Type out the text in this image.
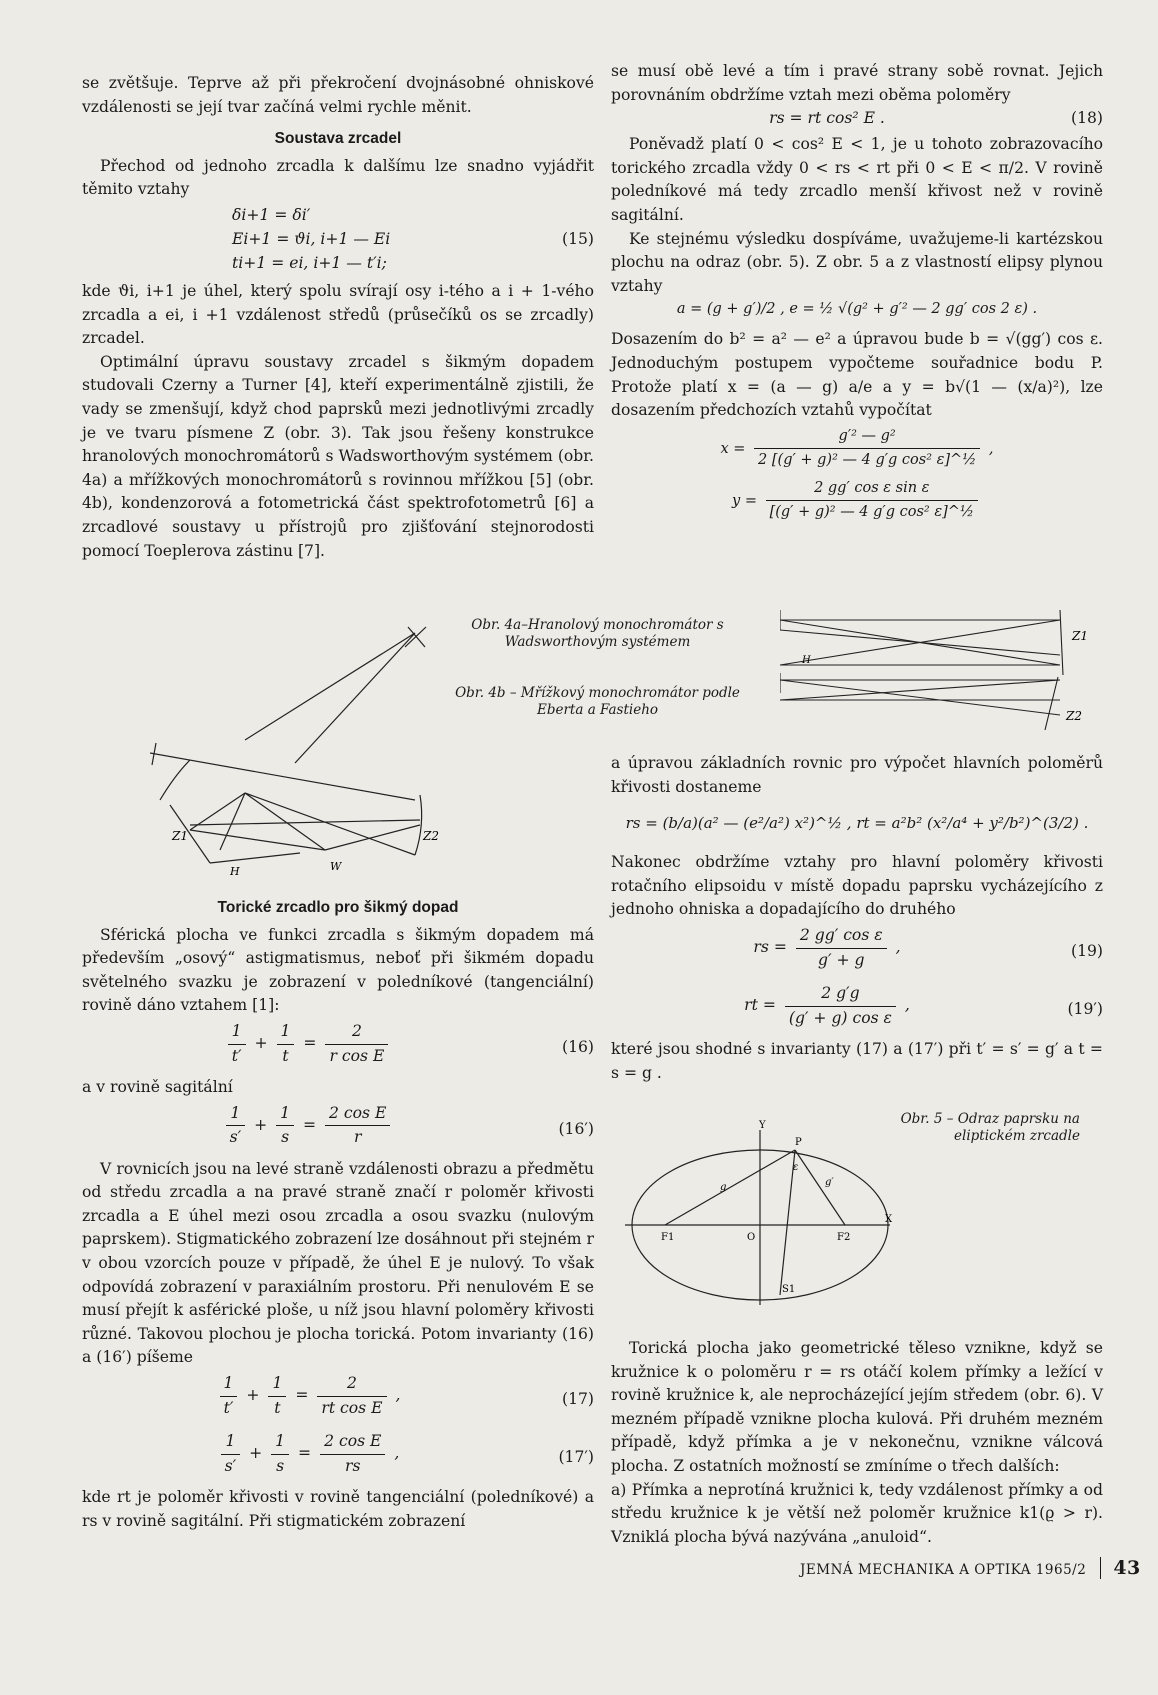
se zvětšuje. Teprve až při překročení dvojnásobné ohniskové vzdálenosti se její tvar začíná velmi rychle měnit.

Soustava zrcadel

Přechod od jednoho zrcadla k dalšímu lze snadno vyjádřit těmito vztahy

δi+1 = δi′
Ei+1 = ϑi, i+1 — Ei
ti+1 = ei, i+1 — t′i;
(15)

kde ϑi, i+1 je úhel, který spolu svírají osy i-tého a i + 1-vého zrcadla a ei, i +1 vzdálenost středů (průsečíků os se zrcadly) zrcadel.

Optimální úpravu soustavy zrcadel s šikmým dopadem studovali Czerny a Turner [4], kteří experimentálně zjistili, že vady se zmenšují, když chod paprsků mezi jednotlivými zrcadly je ve tvaru písmene Z (obr. 3). Tak jsou řešeny konstrukce hranolových monochromátorů s Wadsworthovým systémem (obr. 4a) a mřížkových monochromátorů s rovinnou mřížkou [5] (obr. 4b), kondenzorová a fotometrická část spektrofotometrů [6] a zrcadlové soustavy u přístrojů pro zjišťování stejnorodosti pomocí Toeplerova zástinu [7].

Torické zrcadlo pro šikmý dopad

Sférická plocha ve funkci zrcadla s šikmým dopadem má především „osový“ astigmatismus, neboť při šikmém dopadu světelného svazku je zobrazení v poledníkové (tangenciální) rovině dáno vztahem [1]:

$\frac{1}{t'} + \frac{1}{t} = \frac{2}{\text{r cos E}}$	(16)

a v rovině sagitální

$\frac{1}{s'} + \frac{1}{s} = \frac{\text{2 cos E}}{r}$	(16′)

V rovnicích jsou na levé straně vzdálenosti obrazu a předmětu od středu zrcadla a na pravé straně značí r poloměr křivosti zrcadla a E úhel mezi osou zrcadla a osou svazku (nulovým paprskem). Stigmatického zobrazení lze dosáhnout při stejném r v obou vzorcích pouze v případě, že úhel E je nulový. To však odpovídá zobrazení v paraxiálním prostoru. Při nenulovém E se musí přejít k asférické ploše, u níž jsou hlavní poloměry křivosti různé. Takovou plochou je plocha torická. Potom invarianty (16) a (16′) píšeme

$\frac{1}{t'} + \frac{1}{t} = \frac{2}{\text{rt cos E}}$ ,	(17)
$\frac{1}{s'} + \frac{1}{s} = \frac{\text{2 cos E}}{rs}$ ,	(17′)

kde rt je poloměr křivosti v rovině tangenciální (poledníkové) a rs v rovině sagitální. Při stigmatickém zobrazení

se musí obě levé a tím i pravé strany sobě rovnat. Jejich porovnáním obdržíme vztah mezi oběma poloměry

rs = rt cos² E .	(18)

Poněvadž platí 0 < cos² E < 1, je u tohoto zobrazovacího torického zrcadla vždy 0 < rs < rt při 0 < E < π/2. V rovině poledníkové má tedy zrcadlo menší křivost než v rovině sagitální.

Ke stejnému výsledku dospíváme, uvažujeme-li kartézskou plochu na odraz (obr. 5). Z obr. 5 a z vlastností elipsy plynou vztahy

a = (g + g′)/2 , e = ½ √(g² + g′² — 2 gg′ cos 2 ε) .

Dosazením do b² = a² — e² a úpravou bude b = √(gg′) cos ε. Jednoduchým postupem vypočteme souřadnice bodu P. Protože platí x = (a — g) a/e a y = b√(1 — (x/a)²), lze dosazením předchozích vztahů vypočítat

$x = \frac{\text{g′² — g²}}{\text{2 [(g′ + g)² — 4 g′g cos² ε]\textasciicircum{}½}}$ ,
$y = \frac{\text{2 gg′ cos ε sin ε}}{\text{[(g′ + g)² — 4 g′g cos² ε]\textasciicircum{}½}}$
Z1	Z2
H	W
Obr. 4a–Hranolový monochromátor s Wadsworthovým systémem
Obr. 4b – Mřížkový monochromátor podle Eberta a Fastieho
Z1
H
Z2

a úpravou základních rovnic pro výpočet hlavních poloměrů křivosti dostaneme

rs = (b/a)(a² — (e²/a²) x²)^½ , rt = a²b² (x²/a⁴ + y²/b²)^(3/2) .

Nakonec obdržíme vztahy pro hlavní poloměry křivosti rotačního elipsoidu v místě dopadu paprsku vycházejícího z jednoho ohniska a dopadajícího do druhého

rs = $\frac{\text{2 gg′ cos ε}}{g' + g}$ ,	(19)
rt = $\frac{2 g'g}{\text{(g′ + g) cos ε}}$ ,	(19′)

které jsou shodné s invarianty (17) a (17′) při t′ = s′ = g′ a t = s = g .

Obr. 5 – Odraz paprsku na eliptickém zrcadle
Y
X
O
P
F1	F2
g	g′
S1
ε

Torická plocha jako geometrické těleso vznikne, když se kružnice k o poloměru r = rs otáčí kolem přímky a ležící v rovině kružnice k, ale neprocházející jejím středem (obr. 6). V mezném případě vznikne plocha kulová. Při druhém mezném případě, když přímka a je v nekonečnu, vznikne válcová plocha. Z ostatních možností se zmíníme o třech dalších:

a) Přímka a neprotíná kružnici k, tedy vzdálenost přímky a od středu kružnice k je větší než poloměr kružnice k1(ϱ > r). Vzniklá plocha bývá nazývána „anuloid“.

JEMNÁ MECHANIKA A OPTIKA 1965/2 43
